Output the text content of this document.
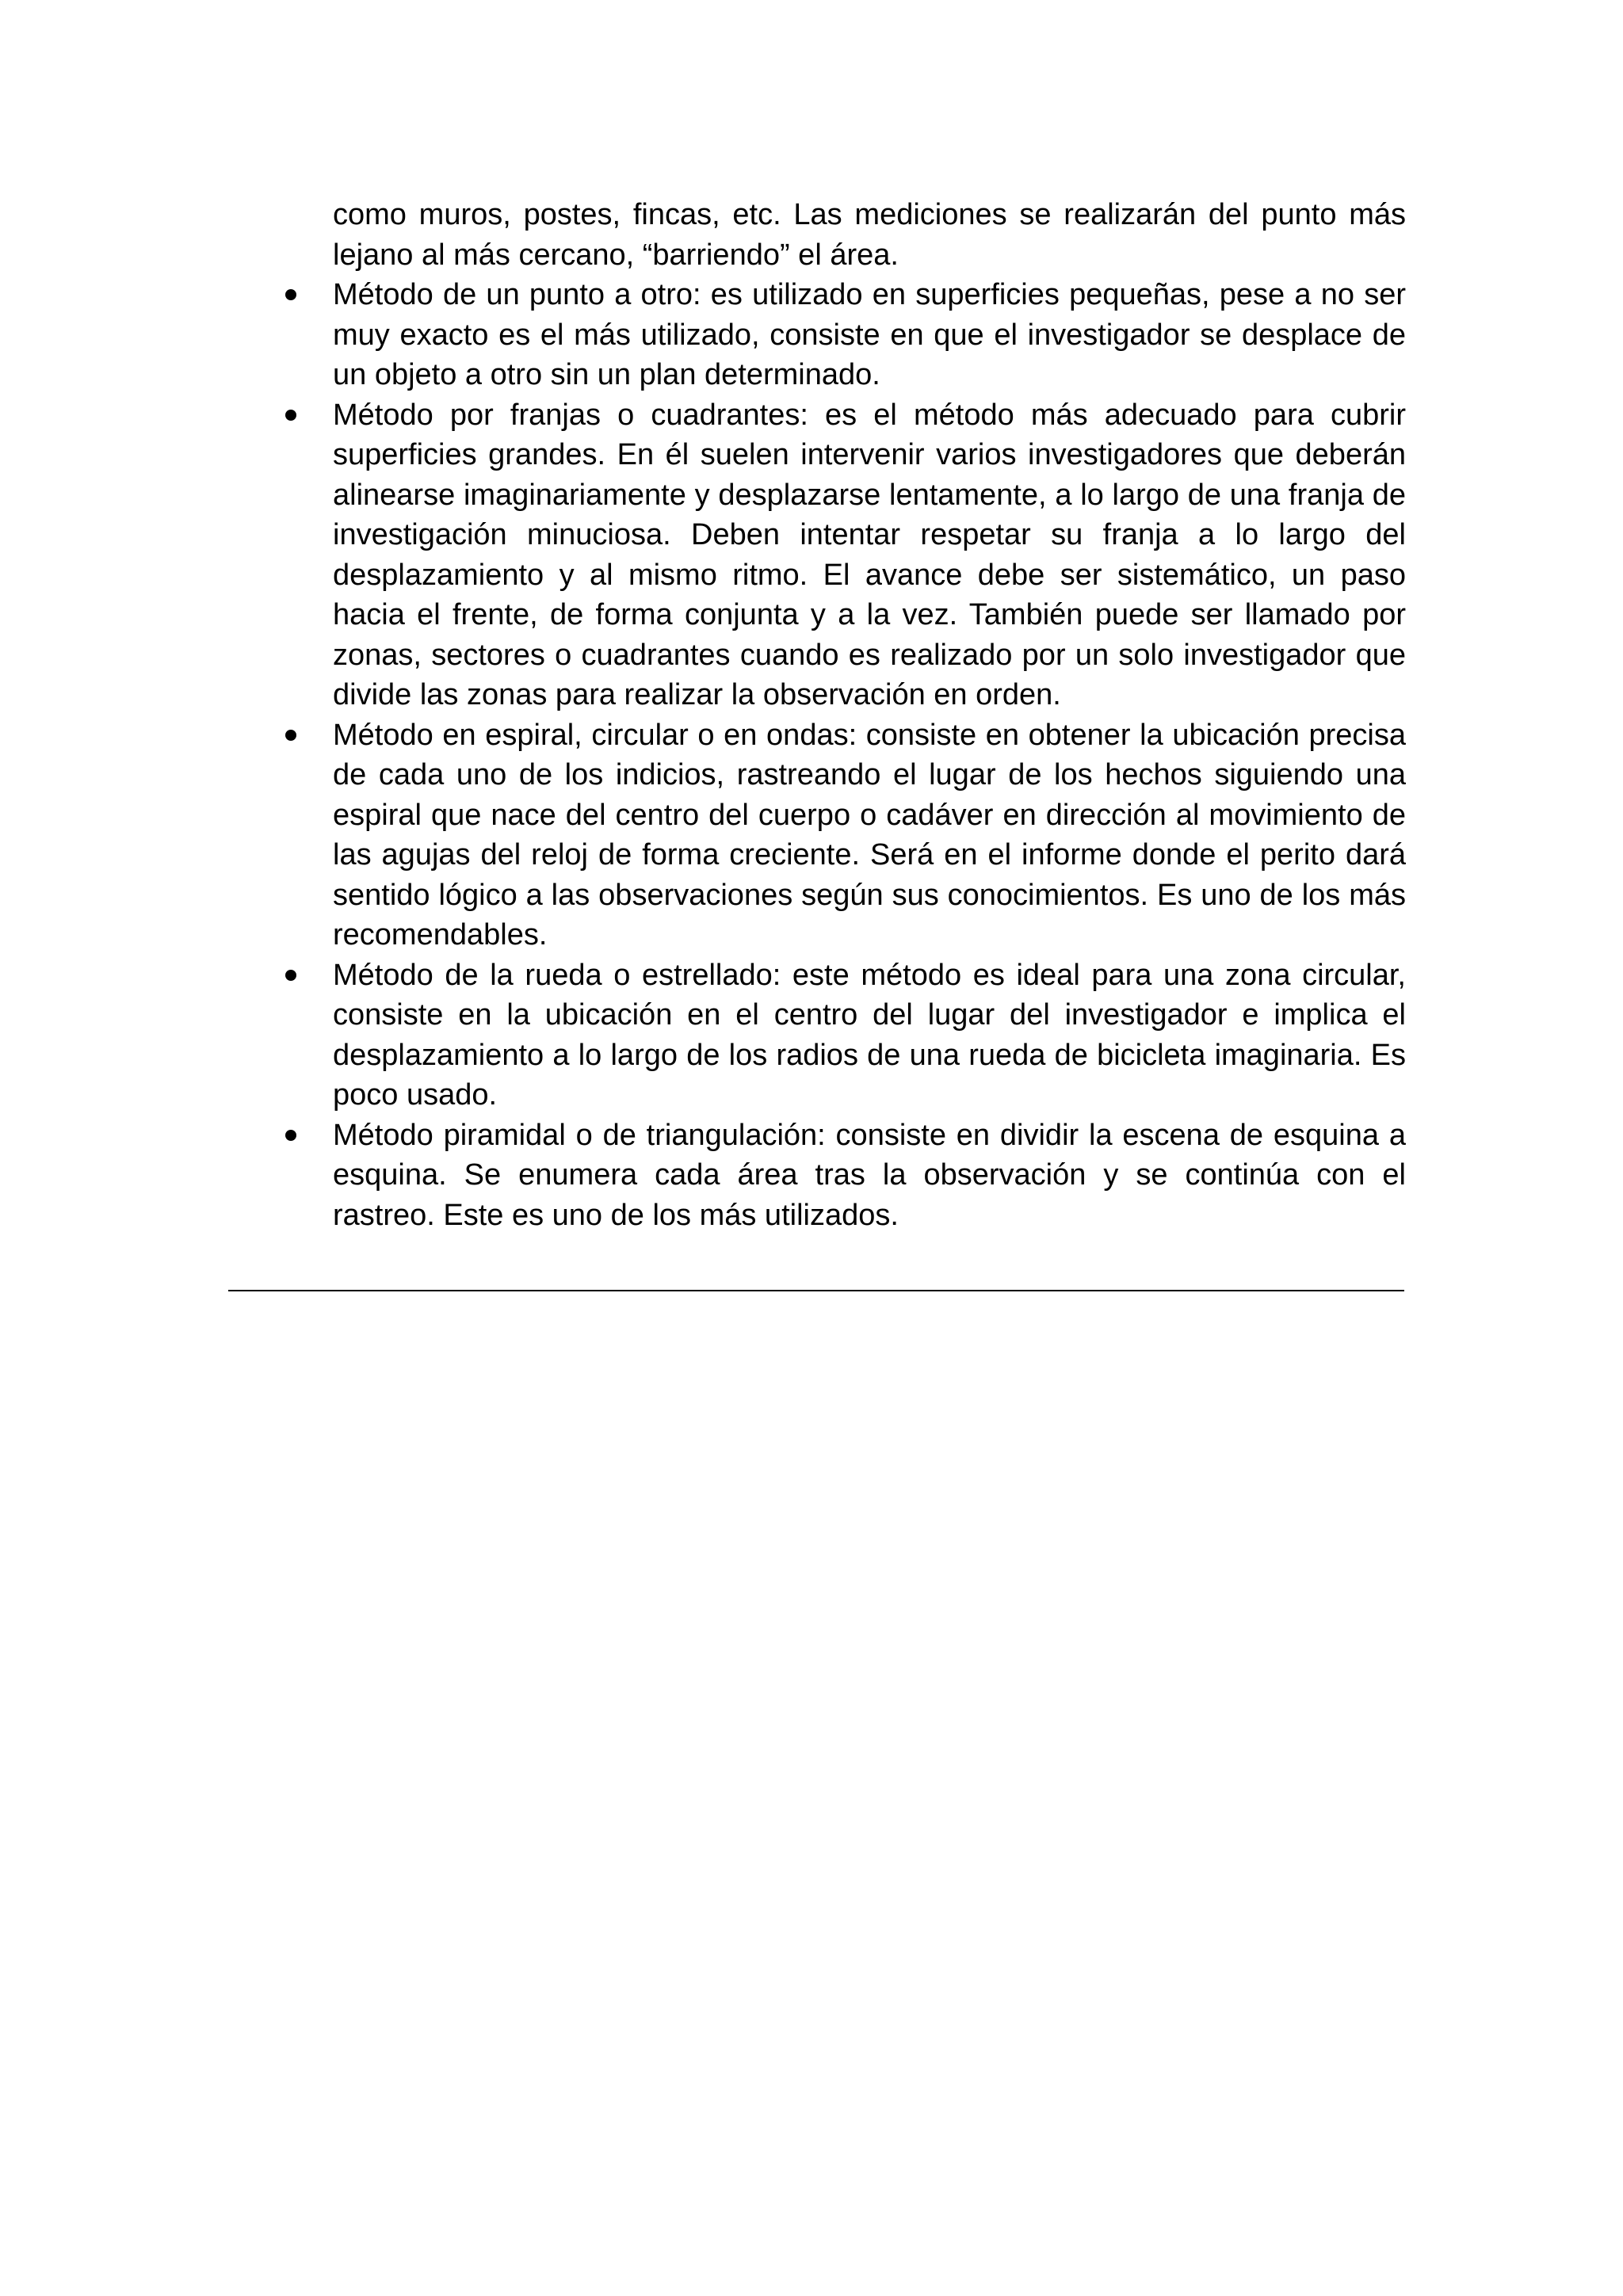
como muros, postes, fincas, etc. Las mediciones se realizarán del punto más lejano al más cercano, “barriendo” el área.

Método de un punto a otro: es utilizado en superficies pequeñas, pese a no ser muy exacto es el más utilizado, consiste en que el investigador se desplace de un objeto a otro sin un plan determinado.
Método por franjas o cuadrantes: es el método más adecuado para cubrir superficies grandes. En él suelen intervenir varios investigadores que deberán alinearse imaginariamente y desplazarse lentamente, a lo largo de una franja de investigación minuciosa. Deben intentar respetar su franja a lo largo del desplazamiento y al mismo ritmo. El avance debe ser sistemático, un paso hacia el frente, de forma conjunta y a la vez. También puede ser llamado por zonas, sectores o cuadrantes cuando es realizado por un solo investigador que divide las zonas para realizar la observación en orden.
Método en espiral, circular o en ondas: consiste en obtener la ubicación precisa de cada uno de los indicios, rastreando el lugar de los hechos siguiendo una espiral que nace del centro del cuerpo o cadáver en dirección al movimiento de las agujas del reloj de forma creciente. Será en el informe donde el perito dará sentido lógico a las observaciones según sus conocimientos. Es uno de los más recomendables.
Método de la rueda o estrellado: este método es ideal para una zona circular, consiste en la ubicación en el centro del lugar del investigador e implica el desplazamiento a lo largo de los radios de una rueda de bicicleta imaginaria. Es poco usado.
Método piramidal o de triangulación: consiste en dividir la escena de esquina a esquina. Se enumera cada área tras la observación y se continúa con el rastreo. Este es uno de los más utilizados.
